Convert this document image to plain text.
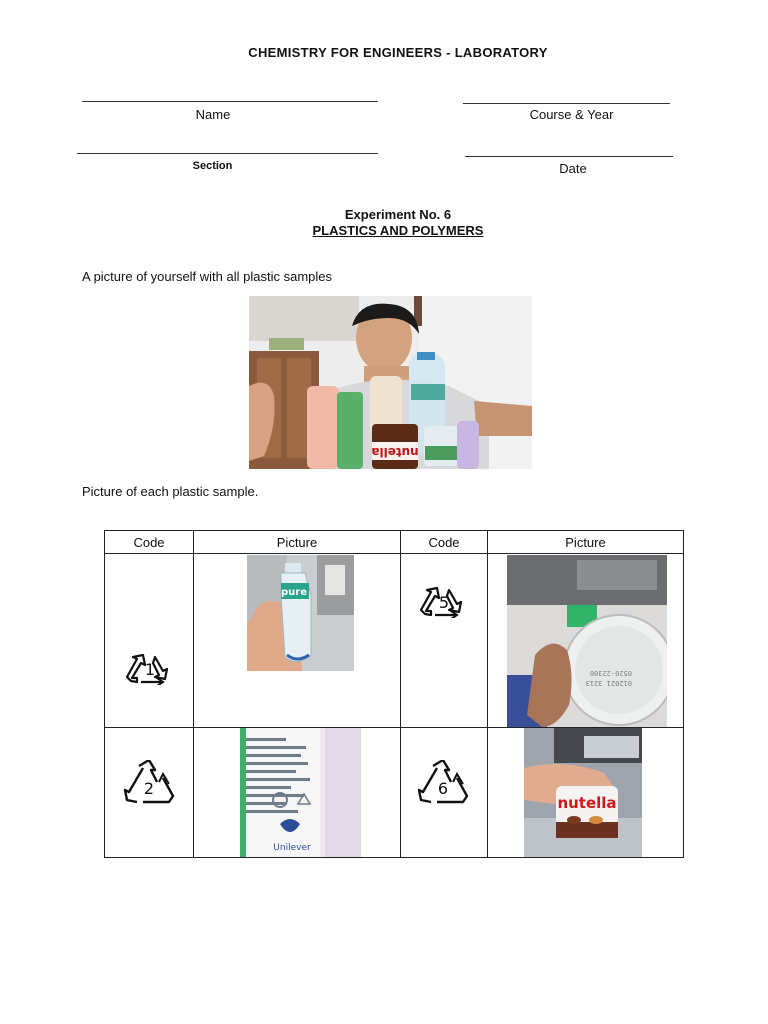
CHEMISTRY FOR ENGINEERS - LABORATORY
Name	Course & Year
Section	Date
Experiment No. 6
PLASTICS AND POLYMERS
A picture of yourself with all plastic samples
nutella
Picture of each plastic sample.
Code	Picture	Code	Picture

1	pure	5	0520-22300
012021 3213

2	Unilever	6	nutella
